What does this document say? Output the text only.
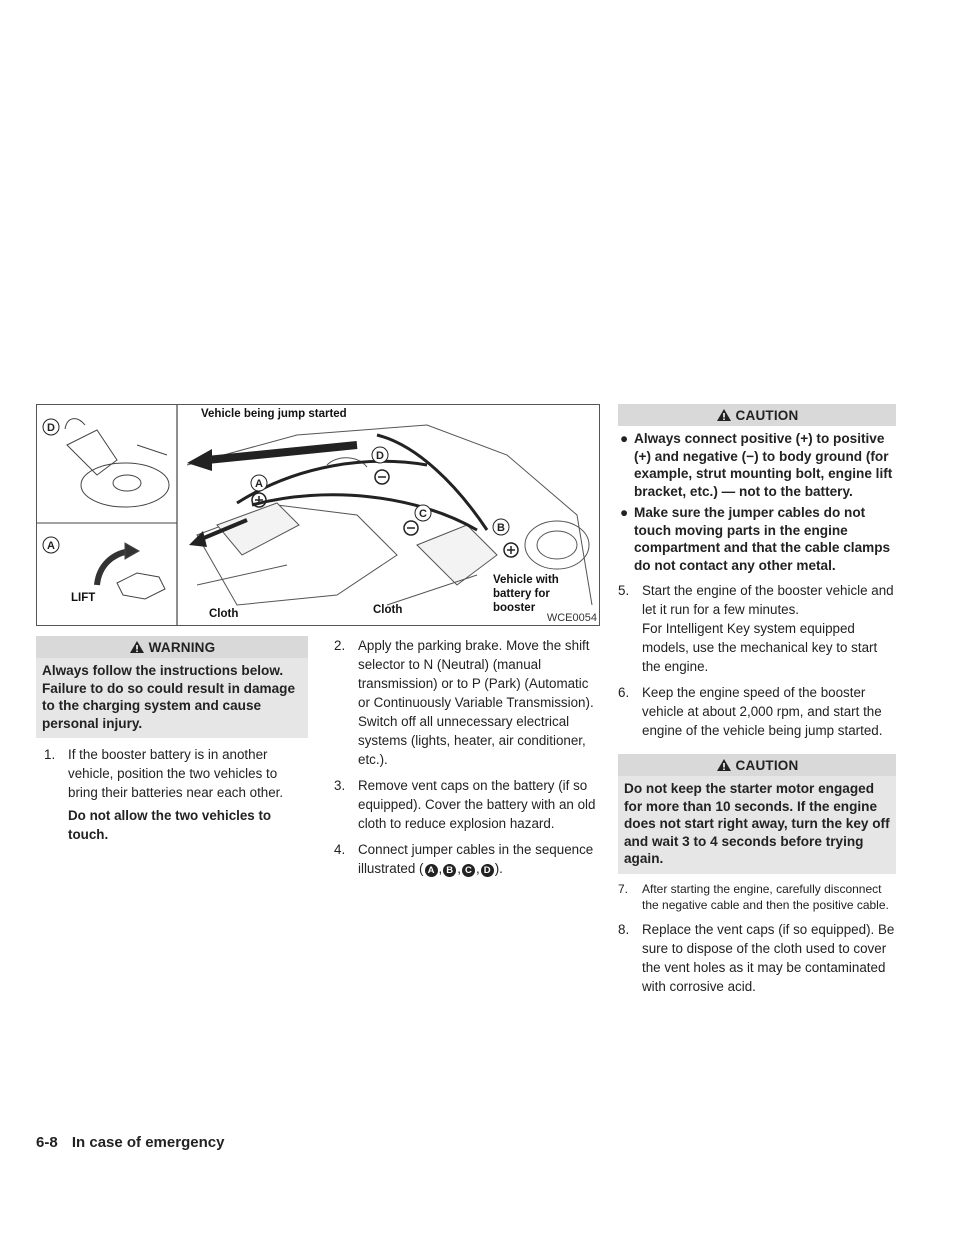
D
A
A
B
C
D
Vehicle being jump started
LIFT
Cloth	Cloth
Vehicle with
battery for
booster
WCE0054
WARNING
Always follow the instructions below. Failure to do so could result in damage to the charging system and cause personal injury.
1. If the booster battery is in another vehicle, position the two vehicles to bring their batteries near each other.
Do not allow the two vehicles to touch.
2. Apply the parking brake. Move the shift selector to N (Neutral) (manual transmission) or to P (Park) (Automatic or Continuously Variable Transmission). Switch off all unnecessary electrical systems (lights, heater, air conditioner, etc.).
3. Remove vent caps on the battery (if so equipped). Cover the battery with an old cloth to reduce explosion hazard.
4. Connect jumper cables in the sequence illustrated ( A , B , C , D ).
CAUTION
● Always connect positive (+) to positive (+) and negative (−) to body ground (for example, strut mounting bolt, engine lift bracket, etc.) — not to the battery.
● Make sure the jumper cables do not touch moving parts in the engine compartment and that the cable clamps do not contact any other metal.
5. Start the engine of the booster vehicle and let it run for a few minutes.
For Intelligent Key system equipped models, use the mechanical key to start the engine.
6. Keep the engine speed of the booster vehicle at about 2,000 rpm, and start the engine of the vehicle being jump started.
CAUTION
Do not keep the starter motor engaged for more than 10 seconds. If the engine does not start right away, turn the key off and wait 3 to 4 seconds before trying again.
7. After starting the engine, carefully disconnect the negative cable and then the positive cable.
8. Replace the vent caps (if so equipped). Be sure to dispose of the cloth used to cover the vent holes as it may be contaminated with corrosive acid.
6-8 In case of emergency
